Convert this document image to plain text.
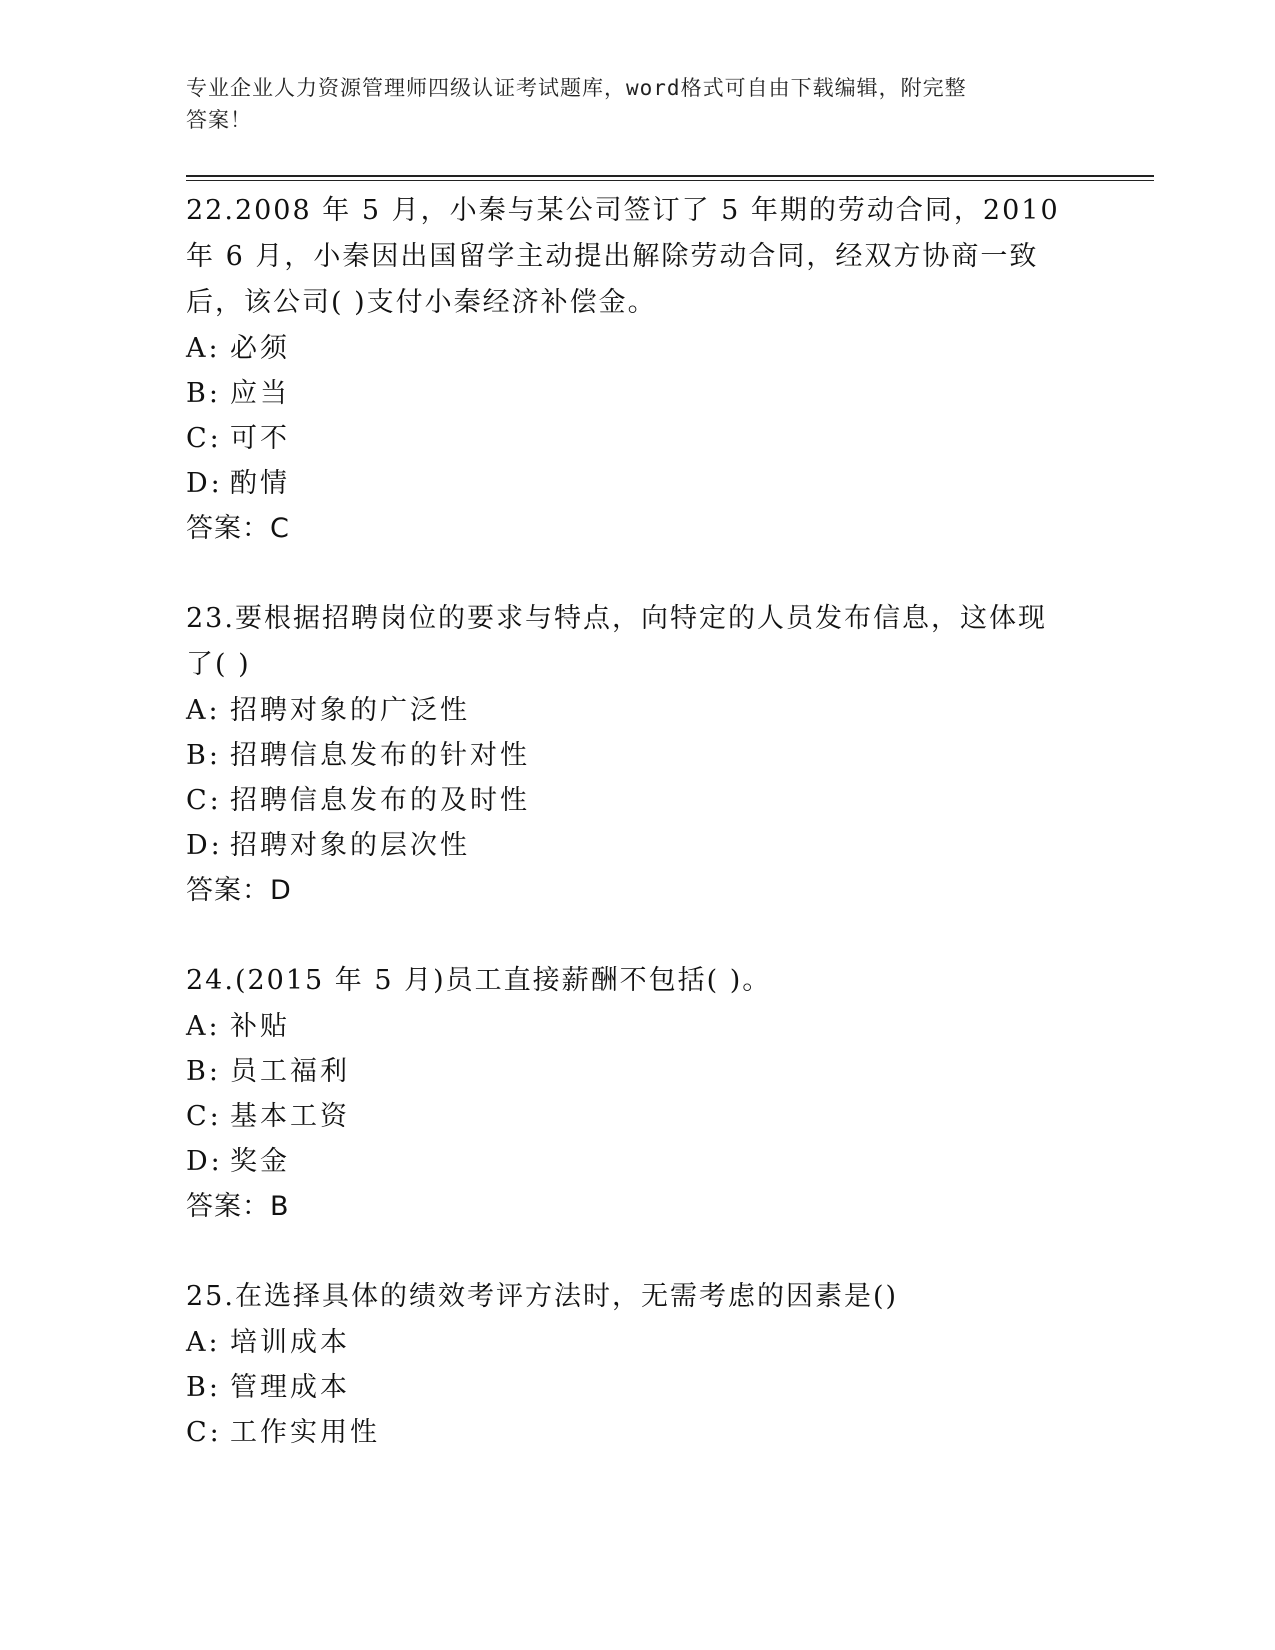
专业企业人力资源管理师四级认证考试题库，word格式可自由下载编辑，附完整
答案！

22.2008 年 5 月，小秦与某公司签订了 5 年期的劳动合同，2010 年 6 月，小秦因出国留学主动提出解除劳动合同，经双方协商一致后，该公司( )支付小秦经济补偿金。

A: 必须

B: 应当

C: 可不

D: 酌情

答案：C

23.要根据招聘岗位的要求与特点，向特定的人员发布信息，这体现了( )

A: 招聘对象的广泛性

B: 招聘信息发布的针对性

C: 招聘信息发布的及时性

D: 招聘对象的层次性

答案：D

24.(2015 年 5 月)员工直接薪酬不包括( )。

A: 补贴

B: 员工福利

C: 基本工资

D: 奖金

答案：B

25.在选择具体的绩效考评方法时，无需考虑的因素是()

A: 培训成本

B: 管理成本

C: 工作实用性
